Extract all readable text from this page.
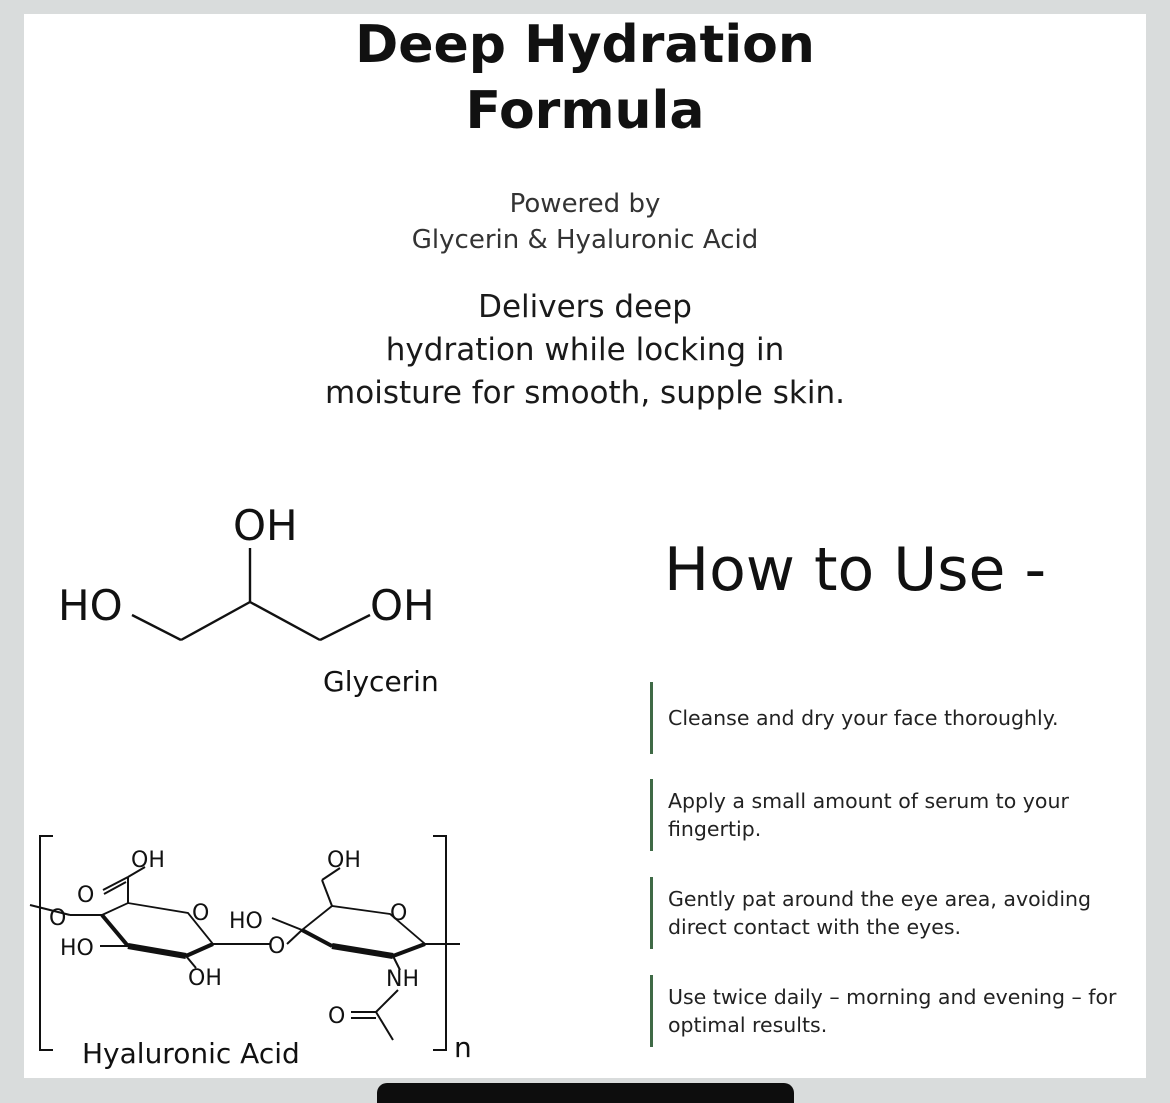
Deep Hydration
Formula
Powered by
Glycerin & Hyaluronic Acid
Delivers deep
hydration while locking in
moisture for smooth, supple skin.
OH
HO	OH
Glycerin
OH	OH
O
O	O
O	HO
O
HO
OH	NH
O
n
Hyaluronic Acid
How to Use -
Cleanse and dry your face thoroughly.
Apply a small amount of serum to your fingertip.
Gently pat around the eye area, avoiding direct contact with the eyes.
Use twice daily – morning and evening – for optimal results.
